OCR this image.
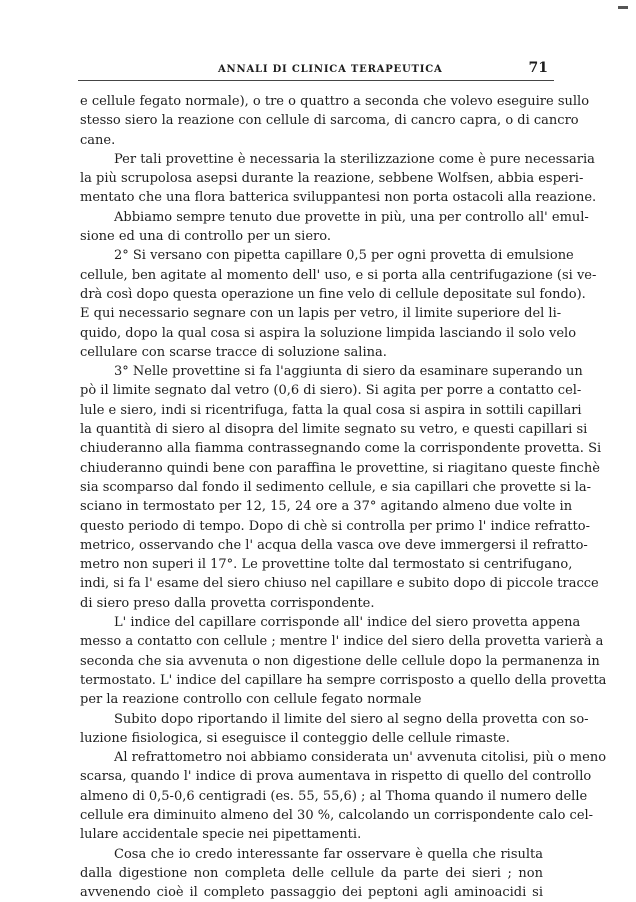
ANNALI DI CLINICA TERAPEUTICA	71
e cellule fegato normale), o tre o quattro a seconda che volevo eseguire sullo
stesso siero la reazione con cellule di sarcoma, di cancro capra, o di cancro
cane.
Per tali provettine è necessaria la sterilizzazione come è pure necessaria
la più scrupolosa asepsi durante la reazione, sebbene Wolfsen, abbia esperi-
mentato che una flora batterica sviluppantesi non porta ostacoli alla reazione.
Abbiamo sempre tenuto due provette in più, una per controllo all' emul-
sione ed una di controllo per un siero.
2° Si versano con pipetta capillare 0,5 per ogni provetta di emulsione
cellule, ben agitate al momento dell' uso, e si porta alla centrifugazione (si ve-
drà così dopo questa operazione un fine velo di cellule depositate sul fondo).
E qui necessario segnare con un lapis per vetro, il limite superiore del li-
quido, dopo la qual cosa si aspira la soluzione limpida lasciando il solo velo
cellulare con scarse tracce di soluzione salina.
3° Nelle provettine si fa l'aggiunta di siero da esaminare superando un
pò il limite segnato dal vetro (0,6 di siero). Si agita per porre a contatto cel-
lule e siero, indi si ricentrifuga, fatta la qual cosa si aspira in sottili capillari
la quantità di siero al disopra del limite segnato su vetro, e questi capillari si
chiuderanno alla fiamma contrassegnando come la corrispondente provetta. Si
chiuderanno quindi bene con paraffina le provettine, si riagitano queste finchè
sia scomparso dal fondo il sedimento cellule, e sia capillari che provette si la-
sciano in termostato per 12, 15, 24 ore a 37° agitando almeno due volte in
questo periodo di tempo. Dopo di chè si controlla per primo l' indice refratto-
metrico, osservando che l' acqua della vasca ove deve immergersi il refratto-
metro non superi il 17°. Le provettine tolte dal termostato si centrifugano,
indi, si fa l' esame del siero chiuso nel capillare e subito dopo di piccole tracce
di siero preso dalla provetta corrispondente.
L' indice del capillare corrisponde all' indice del siero provetta appena
messo a contatto con cellule ; mentre l' indice del siero della provetta varierà a
seconda che sia avvenuta o non digestione delle cellule dopo la permanenza in
termostato. L' indice del capillare ha sempre corrisposto a quello della provetta
per la reazione controllo con cellule fegato normale
Subito dopo riportando il limite del siero al segno della provetta con so-
luzione fisiologica, si eseguisce il conteggio delle cellule rimaste.
Al refrattometro noi abbiamo considerata un' avvenuta citolisi, più o meno
scarsa, quando l' indice di prova aumentava in rispetto di quello del controllo
almeno di 0,5-0,6 centigradi (es. 55, 55,6) ; al Thoma quando il numero delle
cellule era diminuito almeno del 30 %, calcolando un corrispondente calo cel-
lulare accidentale specie nei pipettamenti.
Cosa che io credo interessante far osservare è quella che risulta
dalla digestione non completa delle cellule da parte dei sieri ; non
avvenendo cioè il completo passaggio dei peptoni agli aminoacidi si
